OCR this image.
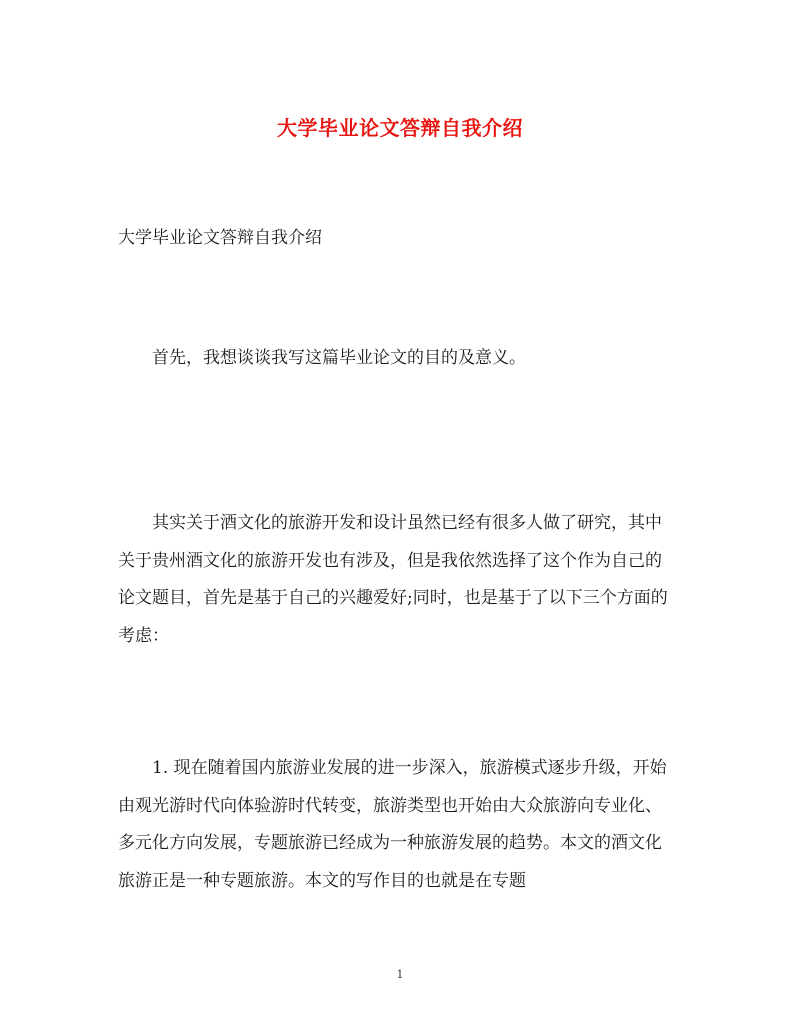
大学毕业论文答辩自我介绍
大学毕业论文答辩自我介绍

首先，我想谈谈我写这篇毕业论文的目的及意义。

其实关于酒文化的旅游开发和设计虽然已经有很多人做了研究，其中关于贵州酒文化的旅游开发也有涉及，但是我依然选择了这个作为自己的论文题目，首先是基于自己的兴趣爱好;同时，也是基于了以下三个方面的考虑：

1. 现在随着国内旅游业发展的进一步深入，旅游模式逐步升级，开始由观光游时代向体验游时代转变，旅游类型也开始由大众旅游向专业化、多元化方向发展，专题旅游已经成为一种旅游发展的趋势。本文的酒文化旅游正是一种专题旅游。本文的写作目的也就是在专题

1
